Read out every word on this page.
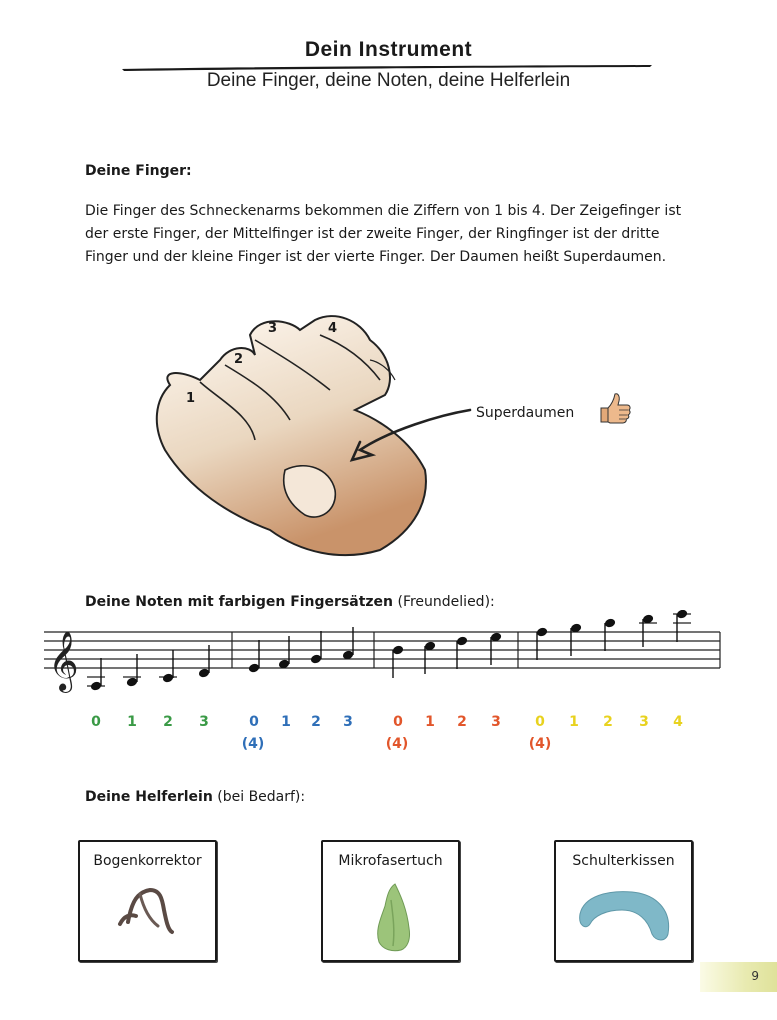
Dein Instrument
Deine Finger, deine Noten, deine Helferlein
Deine Finger:

Die Finger des Schneckenarms bekommen die Ziffern von 1 bis 4. Der Zeigefinger ist der erste Finger, der Mittelfinger ist der zweite Finger, der Ringfinger ist der dritte Finger und der kleine Finger ist der vierte Finger. Der Daumen heißt Superdaumen.

1
2
3	4
Superdaumen
Deine Noten mit farbigen Fingersätzen (Freundelied):
𝄞
0	1	2	3	0	1	2	3
(4)
0	1	2	3
(4)
0	1	2	3	4
(4)
Deine Helferlein (bei Bedarf):
Bogenkorrektor	Mikrofasertuch	Schulterkissen
9
